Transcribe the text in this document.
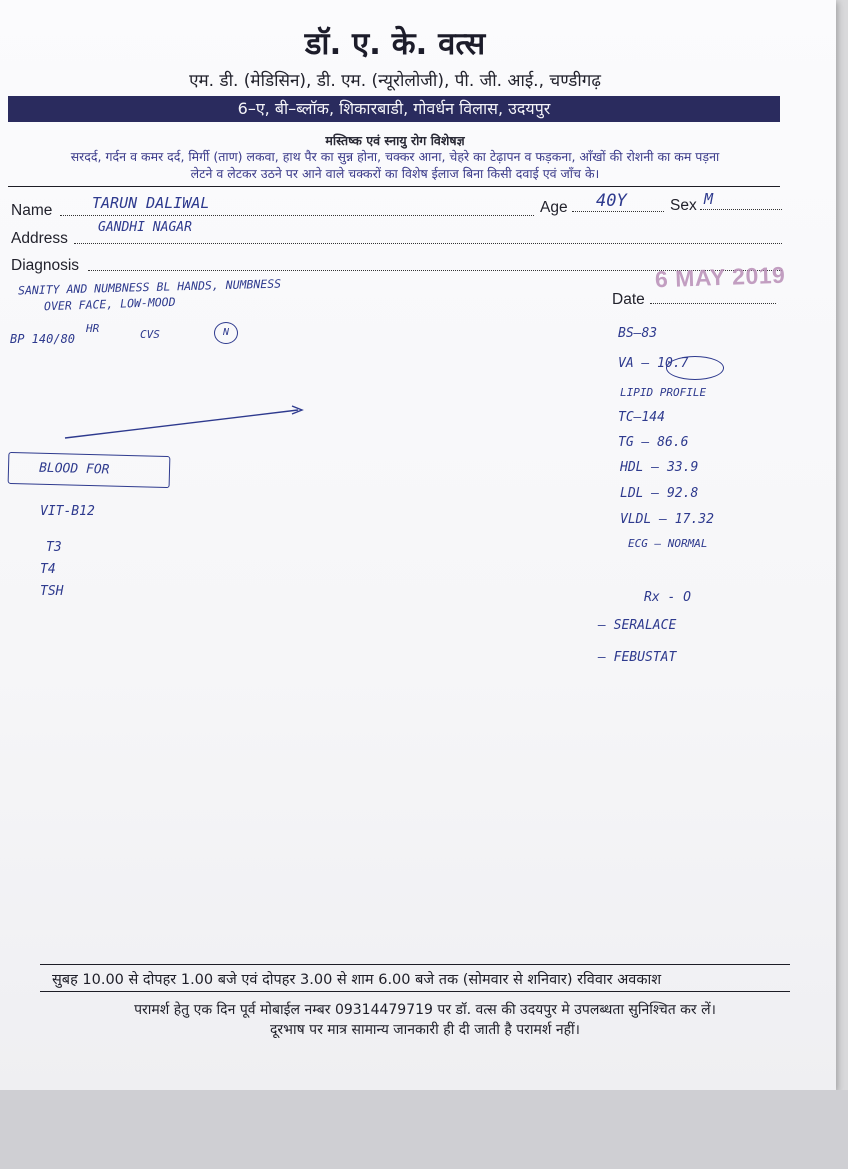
डॉ. ए. के. वत्स
एम. डी. (मेडिसिन), डी. एम. (न्यूरोलोजी), पी. जी. आई., चण्डीगढ़
6–ए, बी–ब्लॉक, शिकारबाडी, गोवर्धन विलास, उदयपुर
मस्तिष्क एवं स्नायु रोग विशेषज्ञ
सरदर्द, गर्दन व कमर दर्द, मिर्गी (ताण) लकवा, हाथ पैर का सुन्न होना, चक्कर आना, चेहरे का टेढ़ापन व फड़कना, आँखों की रोशनी का कम पड़ना
लेटने व लेटकर उठने पर आने वाले चक्करों का विशेष ईलाज बिना किसी दवाई एवं जाँच के।
Name	TARUN DALIWAL	Age 40Y	Sex M
Address
GANDHI NAGAR
Diagnosis
Date
6 MAY 2019
SANITY AND NUMBNESS BL HANDS, NUMBNESS
OVER FACE, LOW-MOOD
BP 140/80
HR	CVS	N
BLOOD FOR
VIT-B12
T3
T4
TSH
BS–83
VA — 10.7
LIPID PROFILE
TC–144
TG — 86.6
HDL — 33.9
LDL — 92.8
VLDL — 17.32
ECG — NORMAL
Rx - O
— SERALACE
— FEBUSTAT
सुबह 10.00 से दोपहर 1.00 बजे एवं दोपहर 3.00 से शाम 6.00 बजे तक (सोमवार से शनिवार) रविवार अवकाश
परामर्श हेतु एक दिन पूर्व मोबाईल नम्बर 09314479719 पर डॉ. वत्स की उदयपुर मे उपलब्धता सुनिश्चित कर लें।
दूरभाष पर मात्र सामान्य जानकारी ही दी जाती है परामर्श नहीं।
